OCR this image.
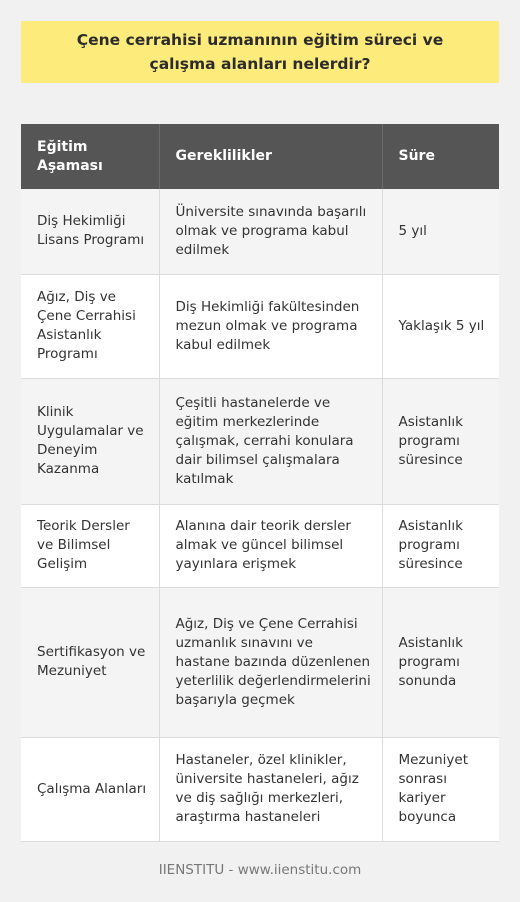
Çene cerrahisi uzmanının eğitim süreci ve çalışma alanları nelerdir?
Eğitim Aşaması	Gereklilikler	Süre
Diş Hekimliği Lisans Programı	Üniversite sınavında başarılı olmak ve programa kabul edilmek	5 yıl
Ağız, Diş ve Çene Cerrahisi Asistanlık Programı	Diş Hekimliği fakültesinden mezun olmak ve programa kabul edilmek	Yaklaşık 5 yıl
Klinik Uygulamalar ve Deneyim Kazanma	Çeşitli hastanelerde ve eğitim merkezlerinde çalışmak, cerrahi konulara dair bilimsel çalışmalara katılmak	Asistanlık programı süresince
Teorik Dersler ve Bilimsel Gelişim	Alanına dair teorik dersler almak ve güncel bilimsel yayınlara erişmek	Asistanlık programı süresince
Sertifikasyon ve Mezuniyet	Ağız, Diş ve Çene Cerrahisi uzmanlık sınavını ve hastane bazında düzenlenen yeterlilik değerlendirmelerini başarıyla geçmek	Asistanlık programı sonunda
Çalışma Alanları	Hastaneler, özel klinikler, üniversite hastaneleri, ağız ve diş sağlığı merkezleri, araştırma hastaneleri	Mezuniyet sonrası kariyer boyunca
IIENSTITU - www.iienstitu.com
